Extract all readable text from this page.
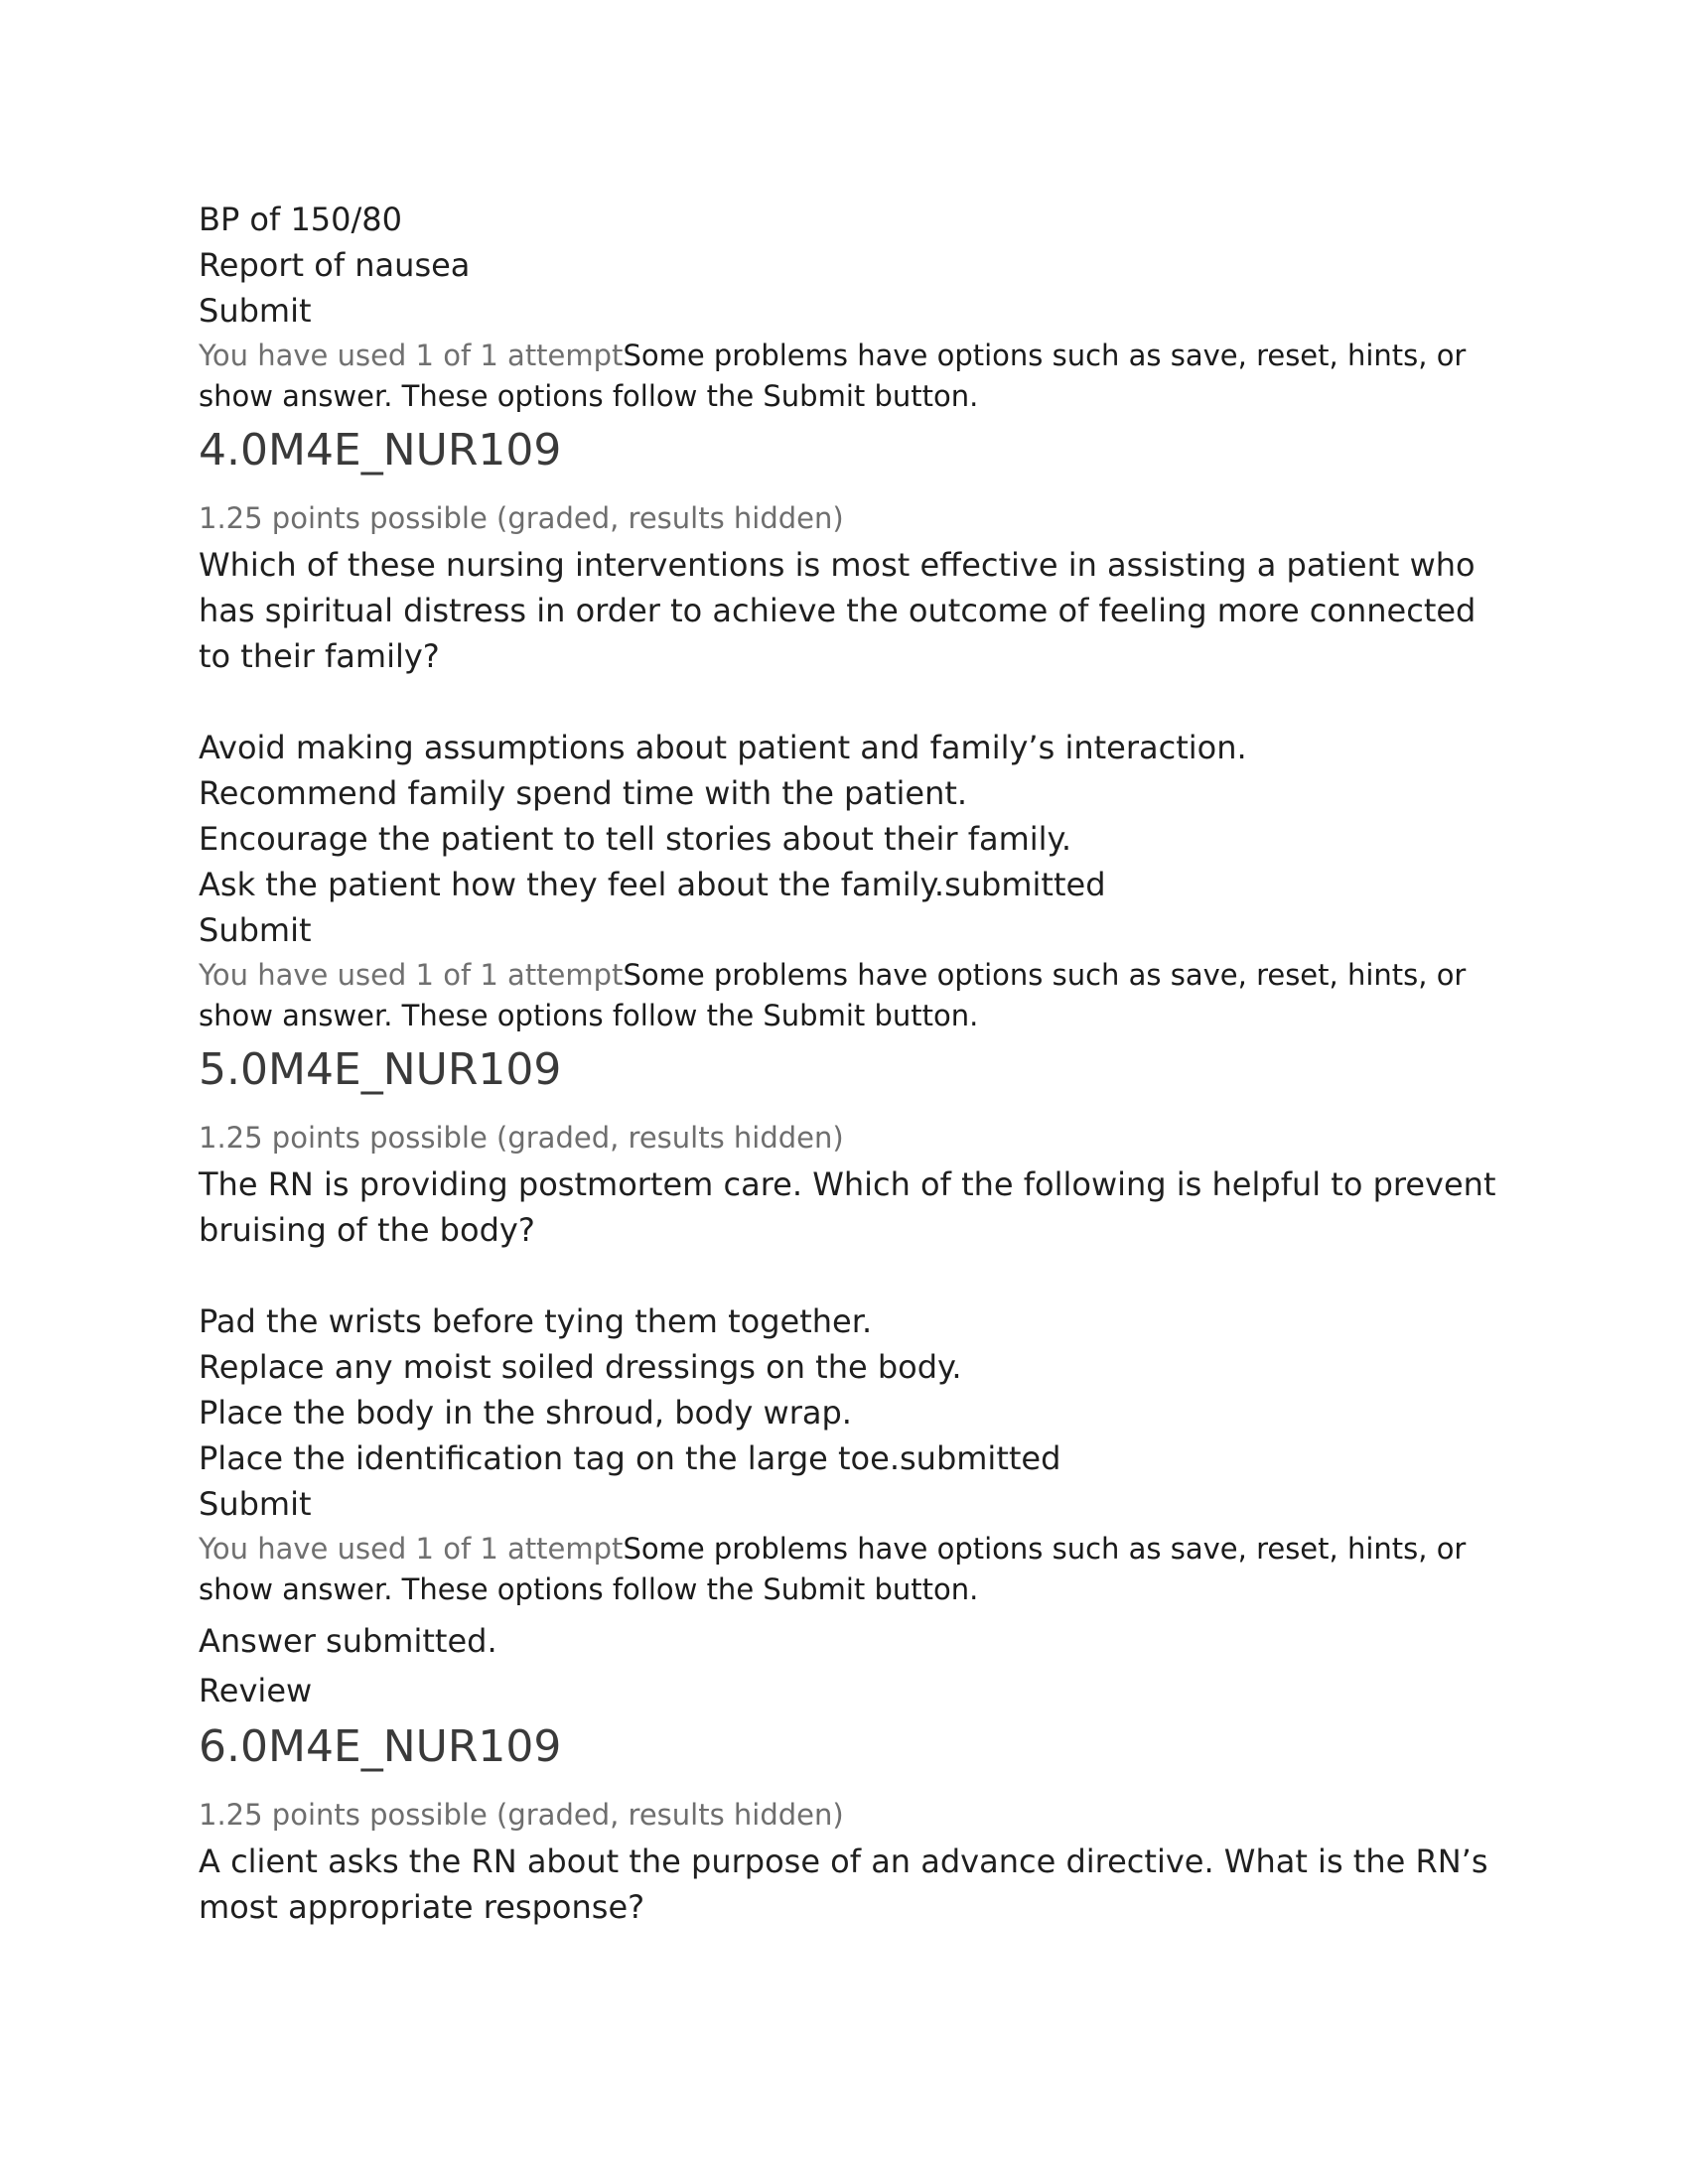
BP of 150/80
Report of nausea
Submit
You have used 1 of 1 attemptSome problems have options such as save, reset, hints, or show answer. These options follow the Submit button.
4.0M4E_NUR109
1.25 points possible (graded, results hidden)
Which of these nursing interventions is most effective in assisting a patient who has spiritual distress in order to achieve the outcome of feeling more connected to their family?
Avoid making assumptions about patient and family’s interaction.
Recommend family spend time with the patient.
Encourage the patient to tell stories about their family.
Ask the patient how they feel about the family.submitted
Submit
You have used 1 of 1 attemptSome problems have options such as save, reset, hints, or show answer. These options follow the Submit button.
5.0M4E_NUR109
1.25 points possible (graded, results hidden)
The RN is providing postmortem care. Which of the following is helpful to prevent bruising of the body?
Pad the wrists before tying them together.
Replace any moist soiled dressings on the body.
Place the body in the shroud, body wrap.
Place the identification tag on the large toe.submitted
Submit
You have used 1 of 1 attemptSome problems have options such as save, reset, hints, or show answer. These options follow the Submit button.
Answer submitted.
Review
6.0M4E_NUR109
1.25 points possible (graded, results hidden)
A client asks the RN about the purpose of an advance directive. What is the RN’s most appropriate response?
